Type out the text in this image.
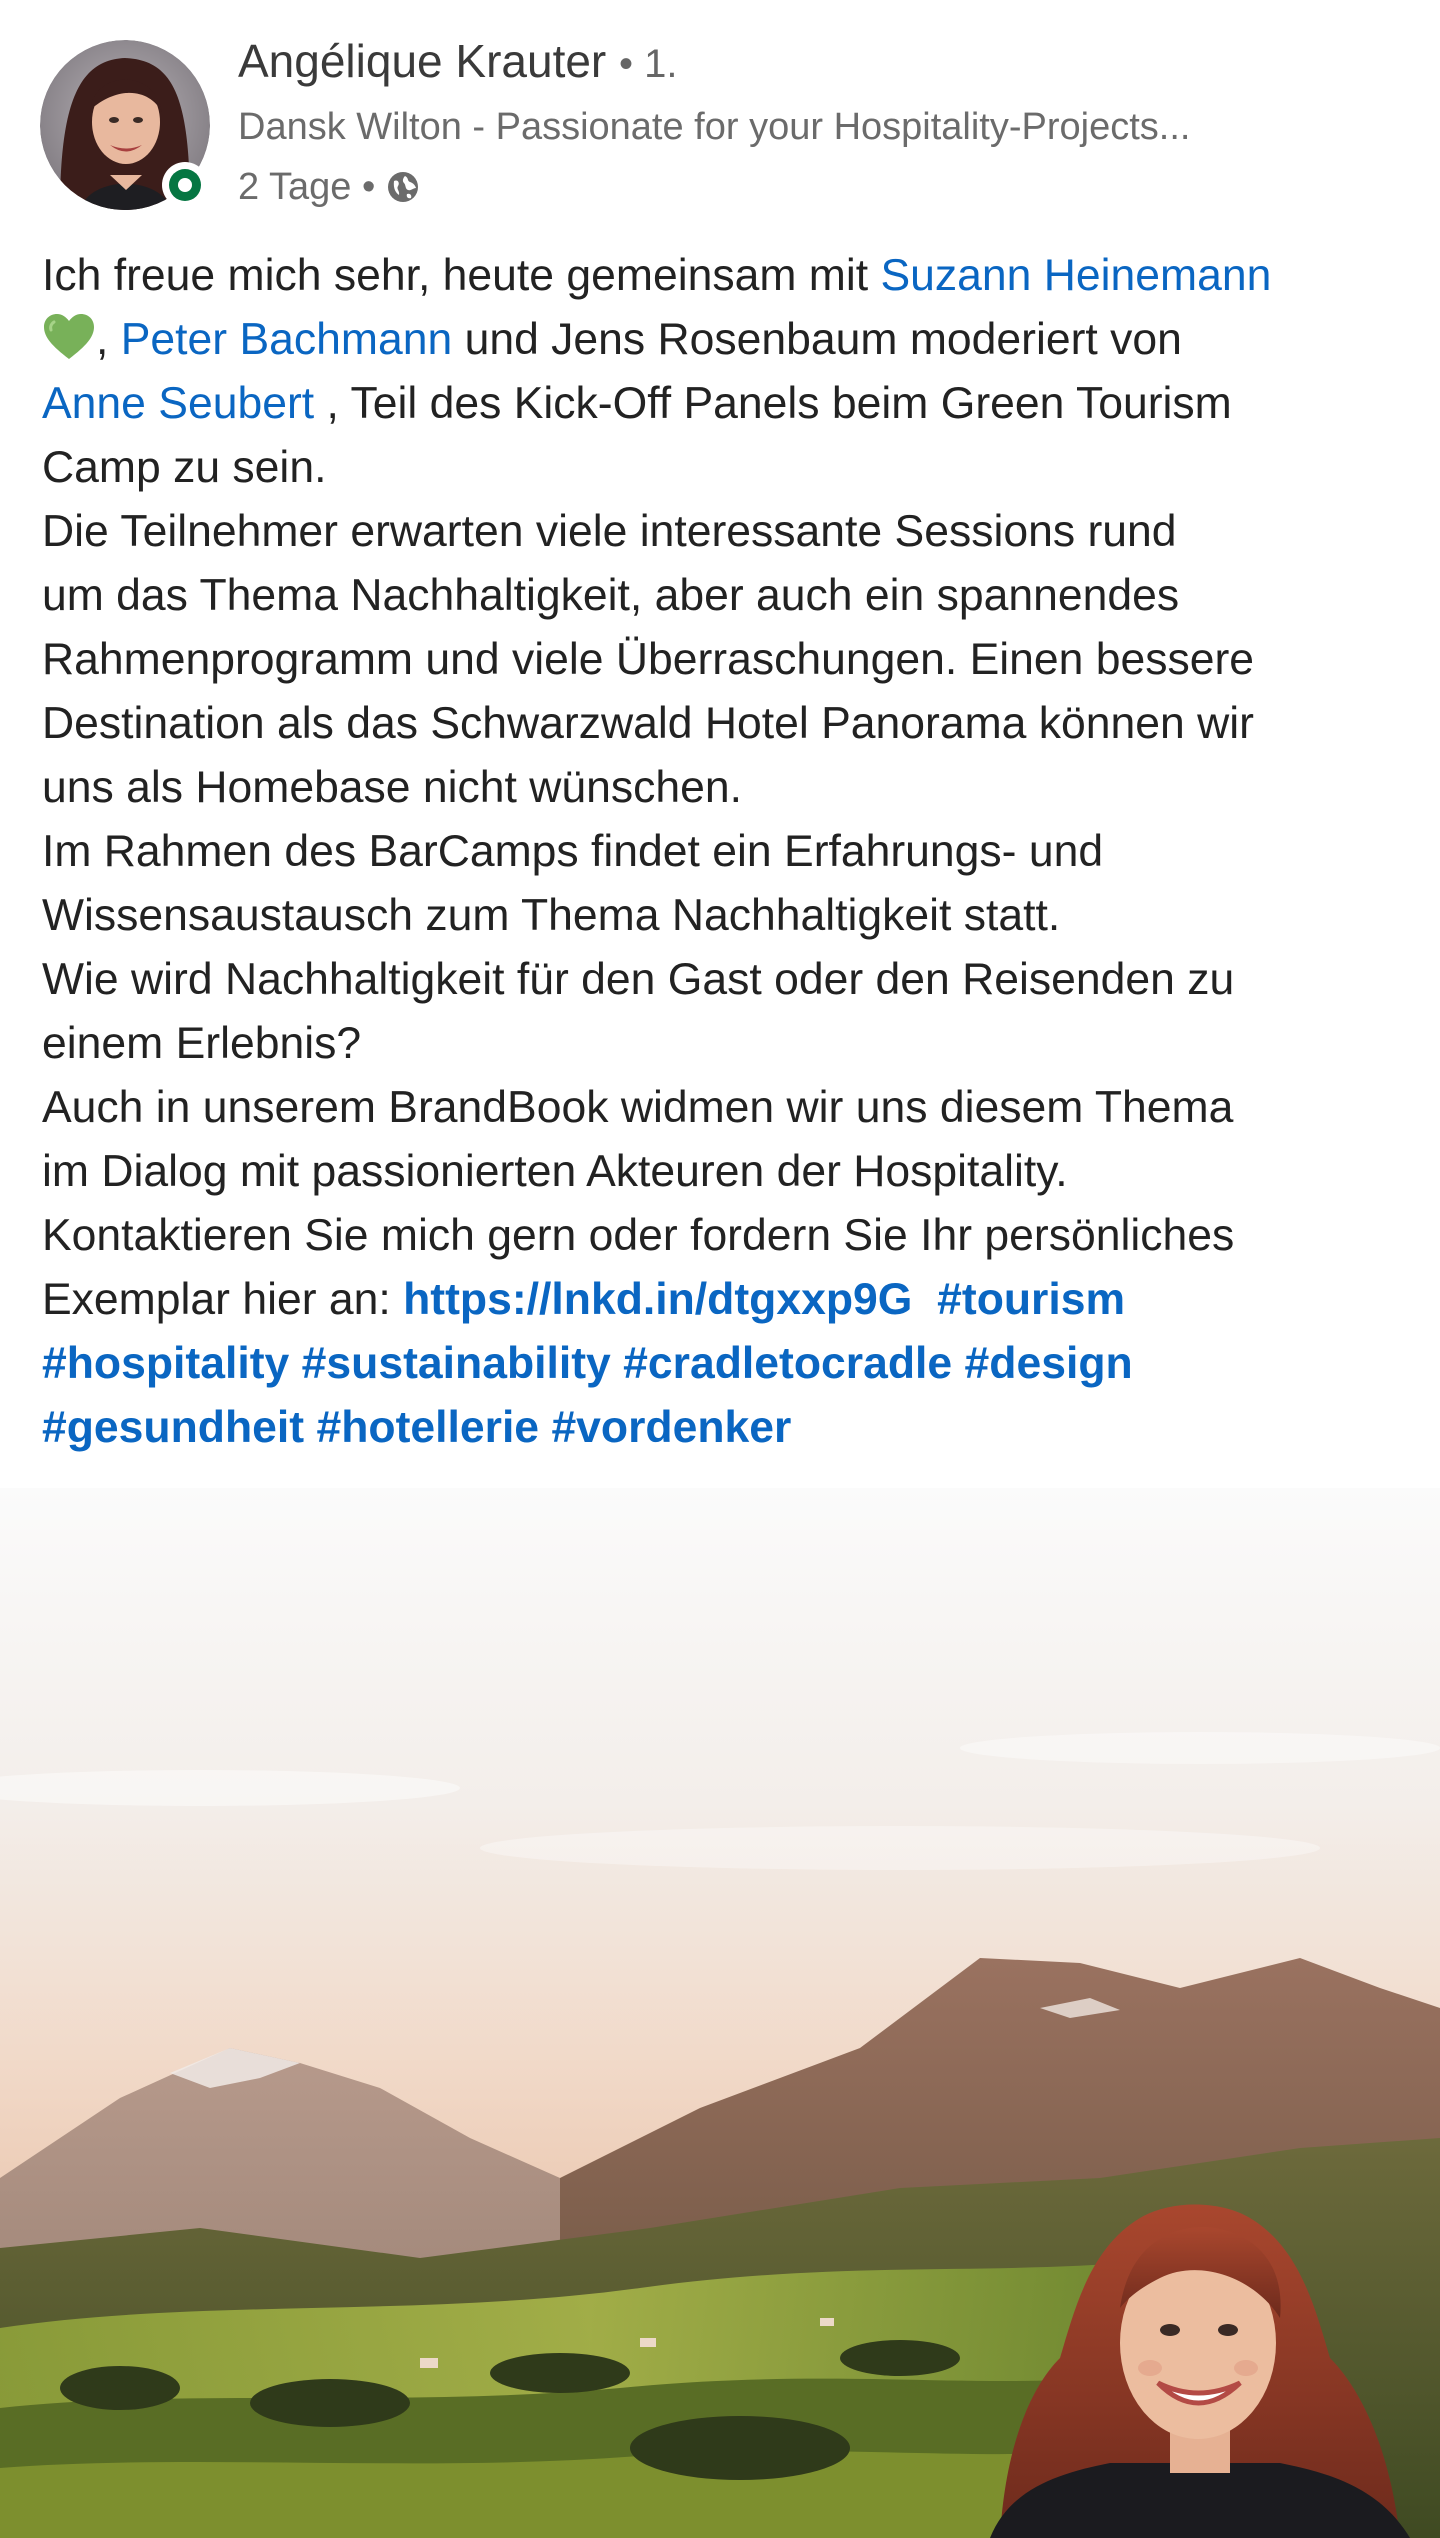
Angélique Krauter • 1.
Dansk Wilton - Passionate for your Hospitality-Projects...
2 Tage •
Ich freue mich sehr, heute gemeinsam mit Suzann Heinemann
, Peter Bachmann und Jens Rosenbaum moderiert von
Anne Seubert , Teil des Kick-Off Panels beim Green Tourism
Camp zu sein.
Die Teilnehmer erwarten viele interessante Sessions rund
um das Thema Nachhaltigkeit, aber auch ein spannendes
Rahmenprogramm und viele Überraschungen. Einen bessere
Destination als das Schwarzwald Hotel Panorama können wir
uns als Homebase nicht wünschen.
Im Rahmen des BarCamps findet ein Erfahrungs- und
Wissensaustausch zum Thema Nachhaltigkeit statt.
Wie wird Nachhaltigkeit für den Gast oder den Reisenden zu
einem Erlebnis?
Auch in unserem BrandBook widmen wir uns diesem Thema
im Dialog mit passionierten Akteuren der Hospitality.
Kontaktieren Sie mich gern oder fordern Sie Ihr persönliches
Exemplar hier an: https://lnkd.in/dtgxxp9G #tourism
#hospitality #sustainability #cradletocradle #design
#gesundheit #hotellerie #vordenker
